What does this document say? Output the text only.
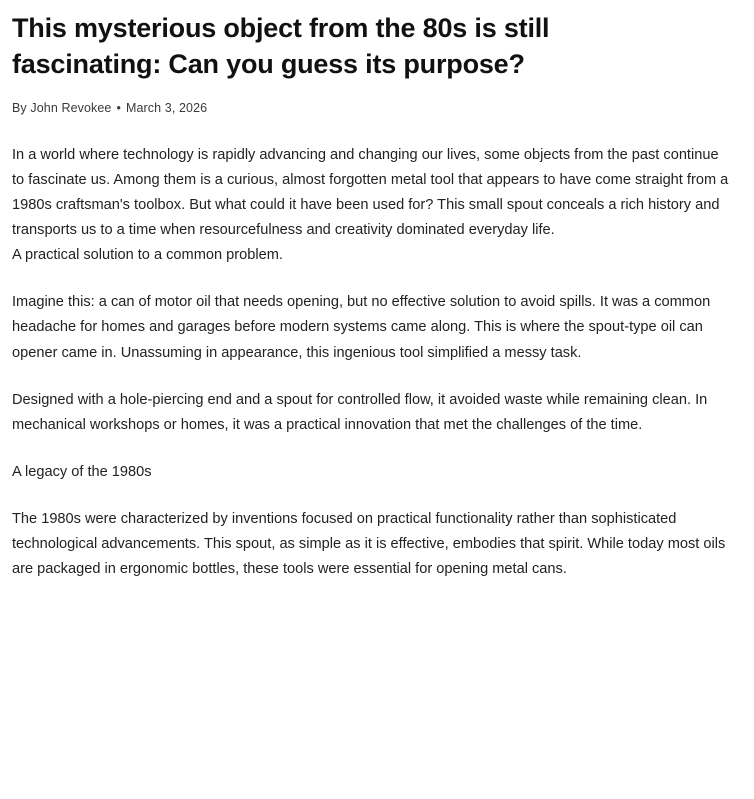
This mysterious object from the 80s is still fascinating: Can you guess its purpose?
By John Revokee • March 3, 2026

In a world where technology is rapidly advancing and changing our lives, some objects from the past continue to fascinate us. Among them is a curious, almost forgotten metal tool that appears to have come straight from a 1980s craftsman's toolbox. But what could it have been used for? This small spout conceals a rich history and transports us to a time when resourcefulness and creativity dominated everyday life.

A practical solution to a common problem.

Imagine this: a can of motor oil that needs opening, but no effective solution to avoid spills. It was a common headache for homes and garages before modern systems came along. This is where the spout-type oil can opener came in. Unassuming in appearance, this ingenious tool simplified a messy task.

Designed with a hole-piercing end and a spout for controlled flow, it avoided waste while remaining clean. In mechanical workshops or homes, it was a practical innovation that met the challenges of the time.

A legacy of the 1980s

The 1980s were characterized by inventions focused on practical functionality rather than sophisticated technological advancements. This spout, as simple as it is effective, embodies that spirit. While today most oils are packaged in ergonomic bottles, these tools were essential for opening metal cans.
